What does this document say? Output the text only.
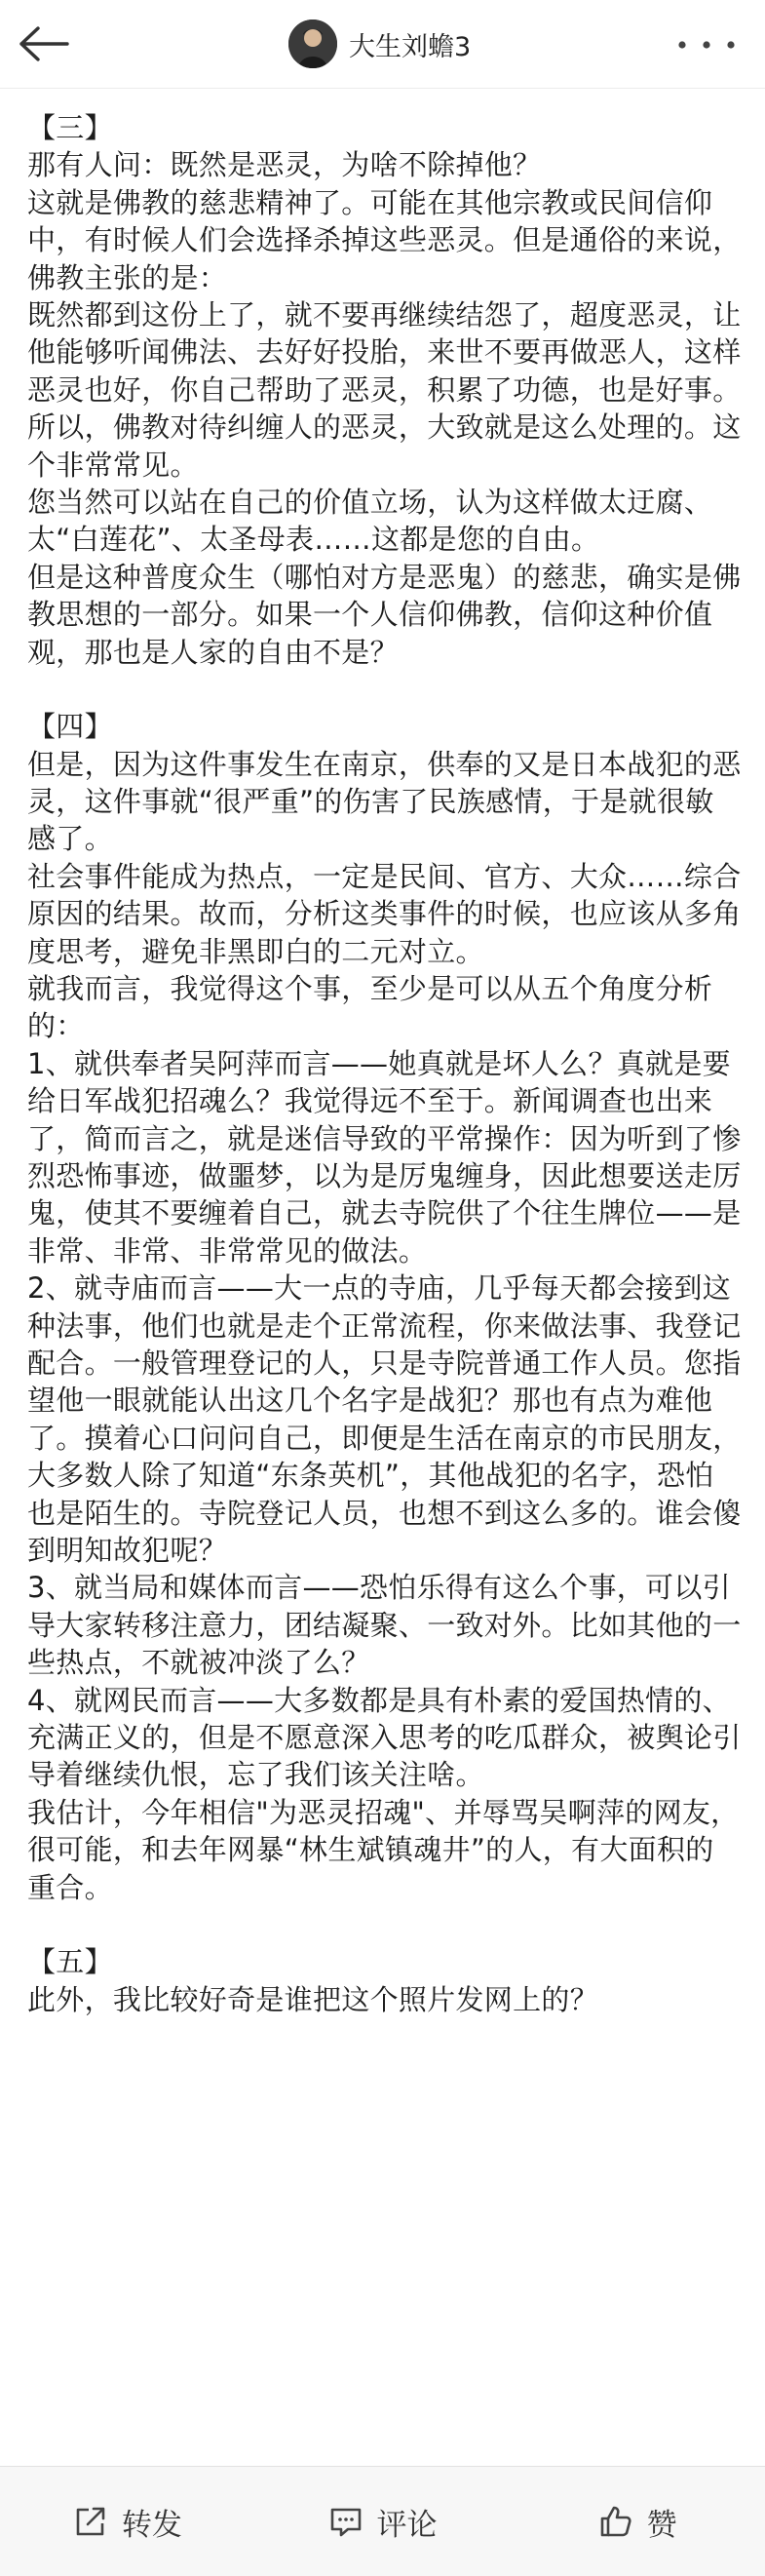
大生刘蟾3

【三】

那有人问：既然是恶灵，为啥不除掉他？

这就是佛教的慈悲精神了。可能在其他宗教或民间信仰中，有时候人们会选择杀掉这些恶灵。但是通俗的来说，佛教主张的是：

既然都到这份上了，就不要再继续结怨了，超度恶灵，让他能够听闻佛法、去好好投胎，来世不要再做恶人，这样恶灵也好，你自己帮助了恶灵，积累了功德，也是好事。

所以，佛教对待纠缠人的恶灵，大致就是这么处理的。这个非常常见。

您当然可以站在自己的价值立场，认为这样做太迂腐、太“白莲花”、太圣母表……这都是您的自由。

但是这种普度众生（哪怕对方是恶鬼）的慈悲，确实是佛教思想的一部分。如果一个人信仰佛教，信仰这种价值观，那也是人家的自由不是？

【四】

但是，因为这件事发生在南京，供奉的又是日本战犯的恶灵，这件事就“很严重”的伤害了民族感情，于是就很敏感了。

社会事件能成为热点，一定是民间、官方、大众……综合原因的结果。故而，分析这类事件的时候，也应该从多角度思考，避免非黑即白的二元对立。

就我而言，我觉得这个事，至少是可以从五个角度分析的：

1、就供奉者吴阿萍而言——她真就是坏人么？真就是要给日军战犯招魂么？我觉得远不至于。新闻调查也出来了，简而言之，就是迷信导致的平常操作：因为听到了惨烈恐怖事迹，做噩梦，以为是厉鬼缠身，因此想要送走厉鬼，使其不要缠着自己，就去寺院供了个往生牌位——是非常、非常、非常常见的做法。

2、就寺庙而言——大一点的寺庙，几乎每天都会接到这种法事，他们也就是走个正常流程，你来做法事、我登记配合。一般管理登记的人，只是寺院普通工作人员。您指望他一眼就能认出这几个名字是战犯？那也有点为难他了。摸着心口问问自己，即便是生活在南京的市民朋友，大多数人除了知道“东条英机”，其他战犯的名字，恐怕也是陌生的。寺院登记人员，也想不到这么多的。谁会傻到明知故犯呢？

3、就当局和媒体而言——恐怕乐得有这么个事，可以引导大家转移注意力，团结凝聚、一致对外。比如其他的一些热点，不就被冲淡了么？

4、就网民而言——大多数都是具有朴素的爱国热情的、充满正义的，但是不愿意深入思考的吃瓜群众，被舆论引导着继续仇恨，忘了我们该关注啥。

我估计，今年相信"为恶灵招魂"、并辱骂吴啊萍的网友，很可能，和去年网暴“林生斌镇魂井”的人，有大面积的重合。

【五】

此外，我比较好奇是谁把这个照片发网上的？

转发	评论	赞
